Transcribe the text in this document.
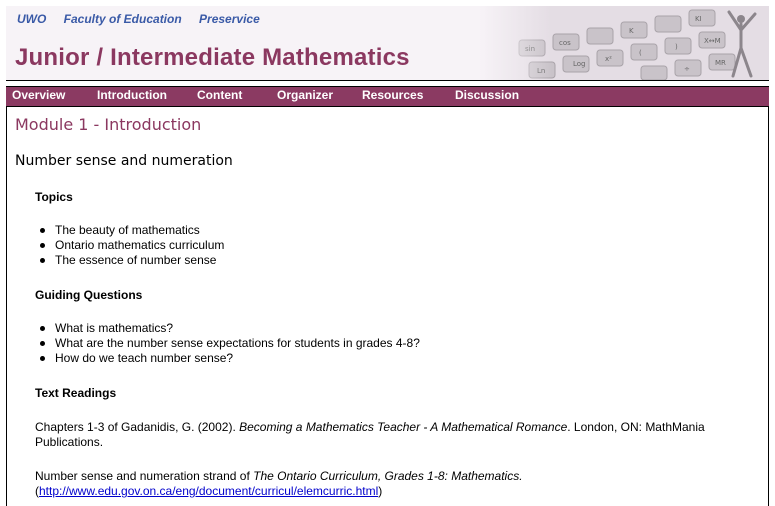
UWO Faculty of Education Preservice
Junior / Intermediate Mathematics
Overview	Introduction	Content	Organizer Resources	Discussion
Module 1 - Introduction
Number sense and numeration
Topics
The beauty of mathematics
Ontario mathematics curriculum
The essence of number sense
Guiding Questions
What is mathematics?
What are the number sense expectations for students in grades 4-8?
How do we teach number sense?
Text Readings
Chapters 1-3 of Gadanidis, G. (2002). Becoming a Mathematics Teacher - A Mathematical Romance. London, ON: MathMania Publications.
Number sense and numeration strand of The Ontario Curriculum, Grades 1-8: Mathematics.
(http://www.edu.gov.on.ca/eng/document/curricul/elemcurric.html)
